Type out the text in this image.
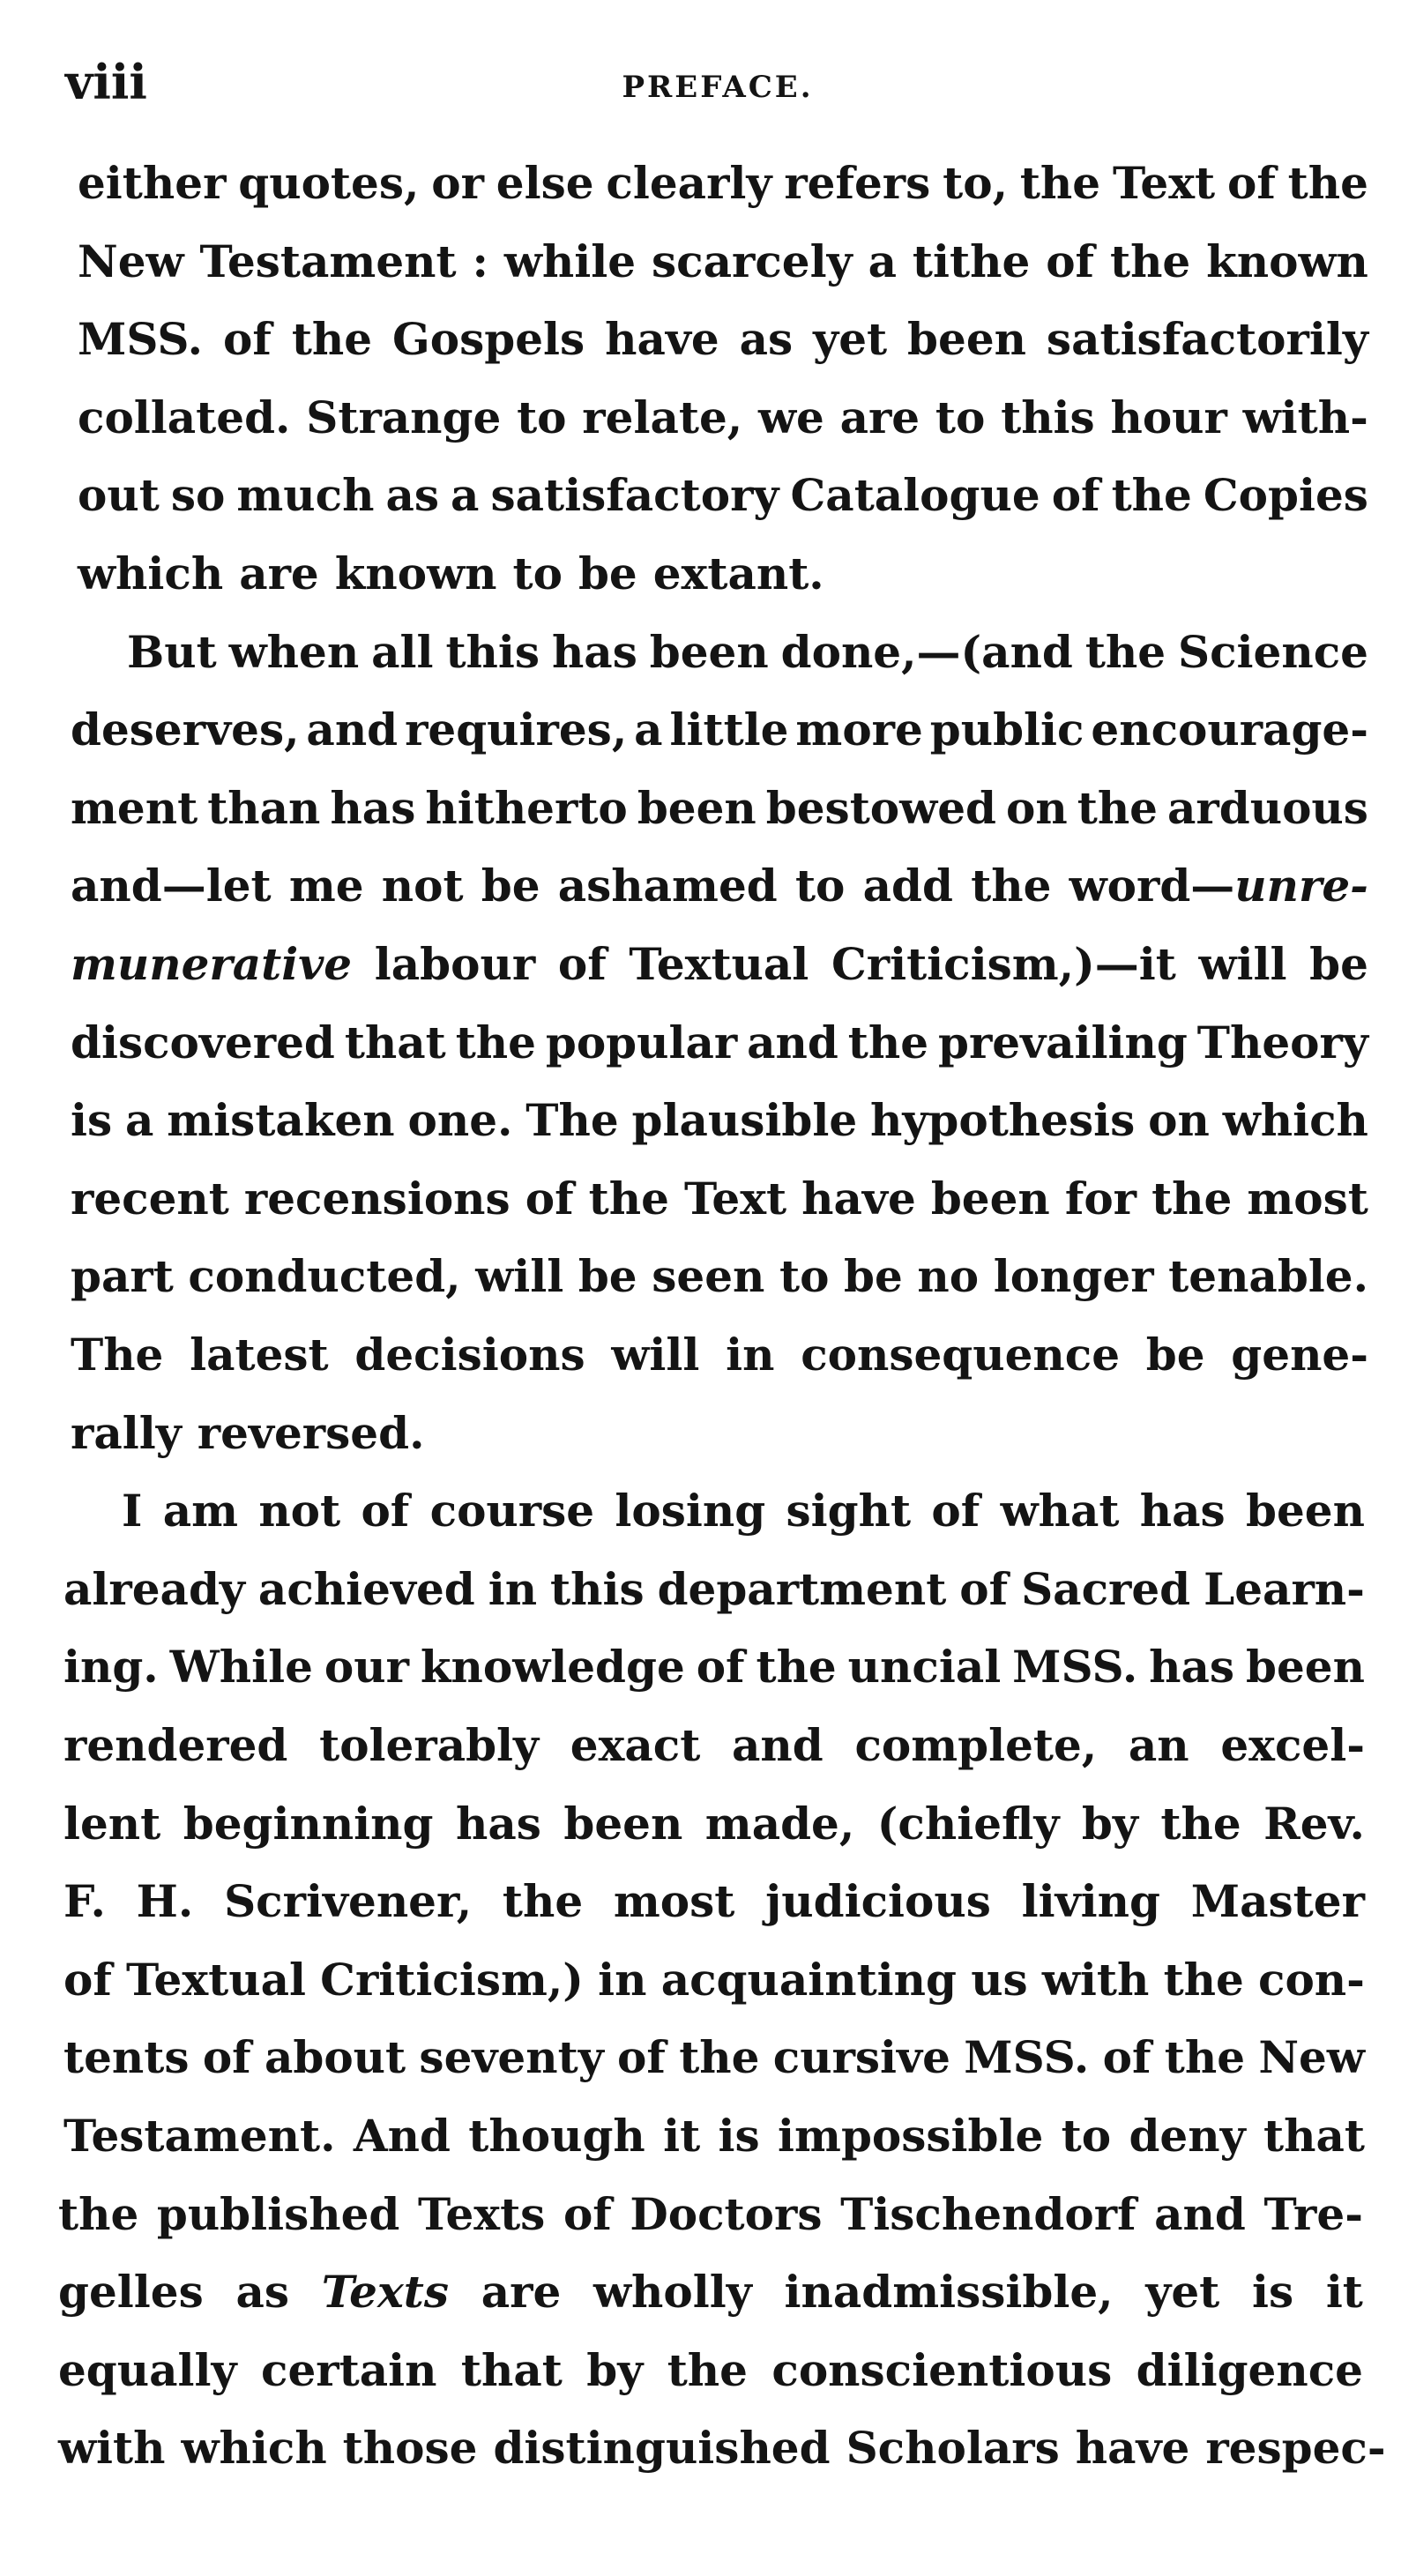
viii	PREFACE.
either quotes, or else clearly refers to, the Text of the
New Testament : while scarcely a tithe of the known
MSS. of the Gospels have as yet been satisfactorily
collated. Strange to relate, we are to this hour with-
out so much as a satisfactory Catalogue of the Copies
which are known to be extant.
But when all this has been done,—(and the Science
deserves, and requires, a little more public encourage-
ment than has hitherto been bestowed on the arduous
and—let me not be ashamed to add the word—unre-
munerative labour of Textual Criticism,)—it will be
discovered that the popular and the prevailing Theory
is a mistaken one. The plausible hypothesis on which
recent recensions of the Text have been for the most
part conducted, will be seen to be no longer tenable.
The latest decisions will in consequence be gene-
rally reversed.
I am not of course losing sight of what has been
already achieved in this department of Sacred Learn-
ing. While our knowledge of the uncial MSS. has been
rendered tolerably exact and complete, an excel-
lent beginning has been made, (chiefly by the Rev.
F. H. Scrivener, the most judicious living Master
of Textual Criticism,) in acquainting us with the con-
tents of about seventy of the cursive MSS. of the New
Testament. And though it is impossible to deny that
the published Texts of Doctors Tischendorf and Tre-
gelles as Texts are wholly inadmissible, yet is it
equally certain that by the conscientious diligence
with which those distinguished Scholars have respec-
